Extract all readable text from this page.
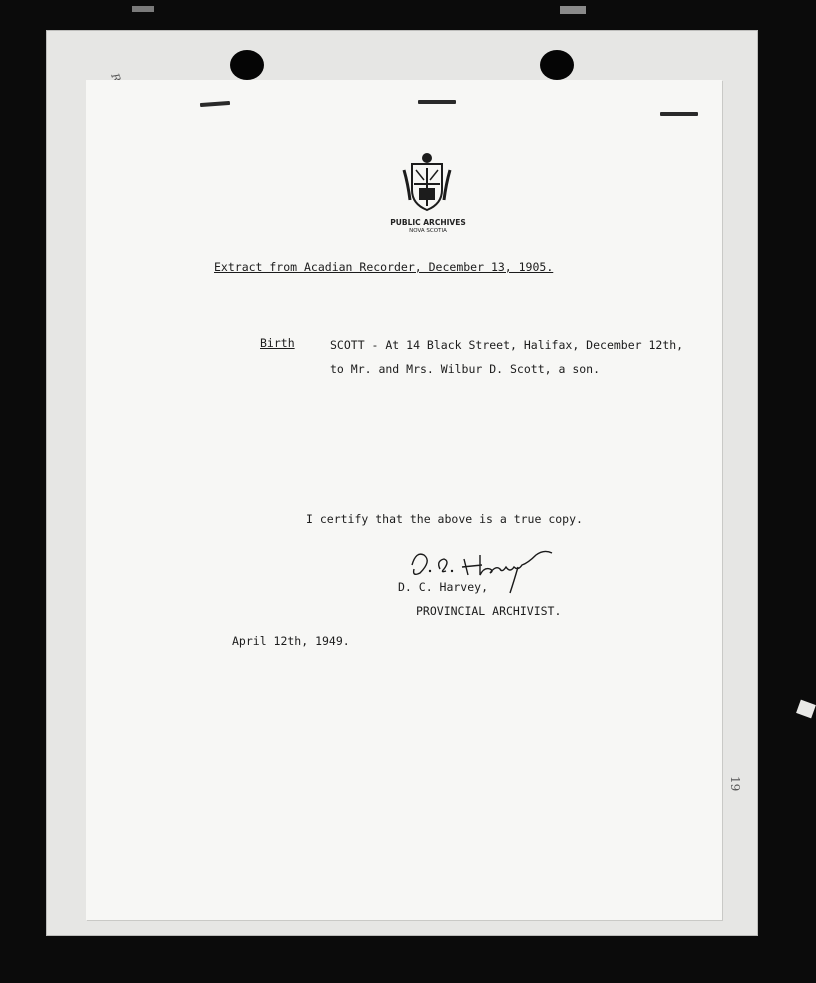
PUBLIC ARCHIVES
NOVA SCOTIA
Extract from Acadian Recorder, December 13, 1905.
Birth	SCOTT - At 14 Black Street, Halifax, December 12th,
to Mr. and Mrs. Wilbur D. Scott, a son.
I certify that the above is a true copy.
D. C. Harvey,
PROVINCIAL ARCHIVIST.
April 12th, 1949.
19
